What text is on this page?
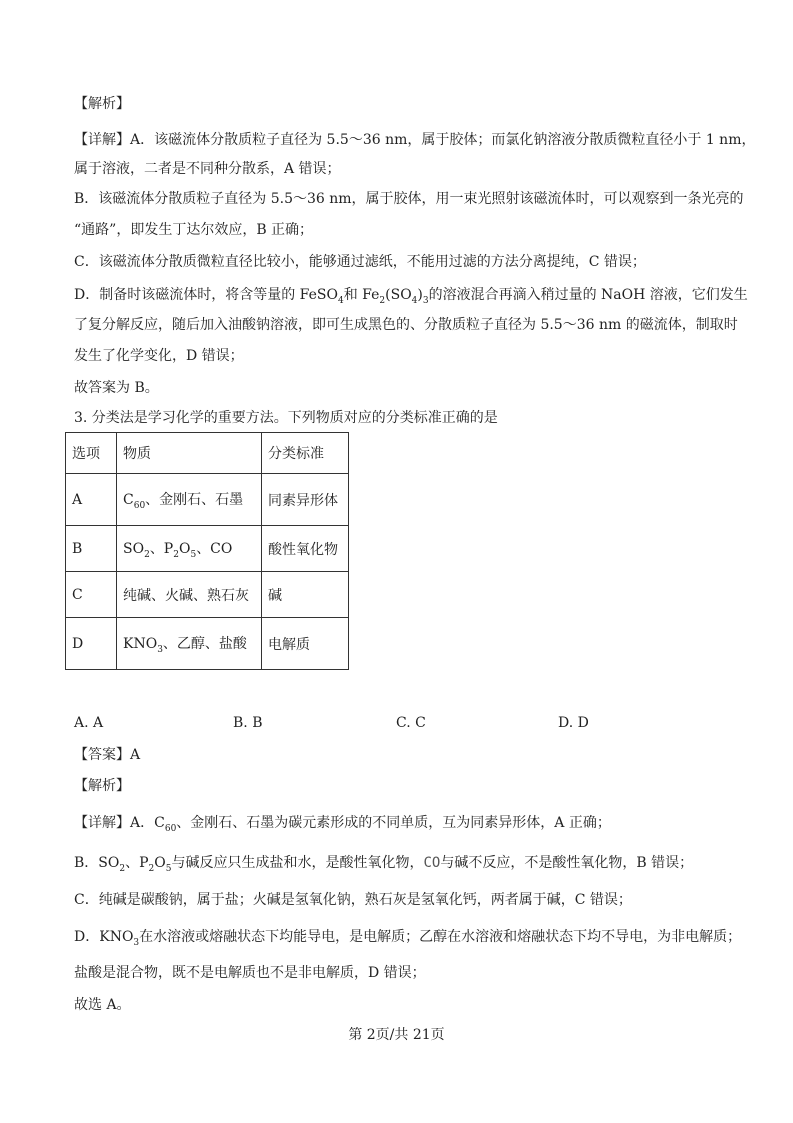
【解析】
【详解】A．该磁流体分散质粒子直径为 5.5～36 nm，属于胶体；而氯化钠溶液分散质微粒直径小于 1 nm，
属于溶液，二者是不同种分散系，A 错误；
B．该磁流体分散质粒子直径为 5.5～36 nm，属于胶体，用一束光照射该磁流体时，可以观察到一条光亮的
“通路”，即发生丁达尔效应，B 正确；
C．该磁流体分散质微粒直径比较小，能够通过滤纸，不能用过滤的方法分离提纯，C 错误；
D．制备时该磁流体时，将含等量的 FeSO$_4$和 $Fe_2(SO_4)_3$的溶液混合再滴入稍过量的 NaOH 溶液，它们发生
了复分解反应，随后加入油酸钠溶液，即可生成黑色的、分散质粒子直径为 5.5～36 nm 的磁流体，制取时
发生了化学变化，D 错误；
故答案为 B。
3. 分类法是学习化学的重要方法。下列物质对应的分类标准正确的是
选项	物质	分类标准
A	$C_{60}$、金刚石、石墨	同素异形体
B	$SO_2$、$P_2O_5$、CO	酸性氧化物
C	纯碱、火碱、熟石灰	碱
D	$KNO_3$、乙醇、盐酸	电解质
A. A	B. B	C. C	D. D
【答案】A
【解析】
【详解】A．$C_{60}$、金刚石、石墨为碳元素形成的不同单质，互为同素异形体，A 正确；
B．$SO_2$、$P_2O_5$与碱反应只生成盐和水，是酸性氧化物，CO与碱不反应，不是酸性氧化物，B 错误；
C．纯碱是碳酸钠，属于盐；火碱是氢氧化钠，熟石灰是氢氧化钙，两者属于碱，C 错误；
D．$KNO_3$在水溶液或熔融状态下均能导电，是电解质；乙醇在水溶液和熔融状态下均不导电，为非电解质；
盐酸是混合物，既不是电解质也不是非电解质，D 错误；
故选 A。
第 2页/共 21页
